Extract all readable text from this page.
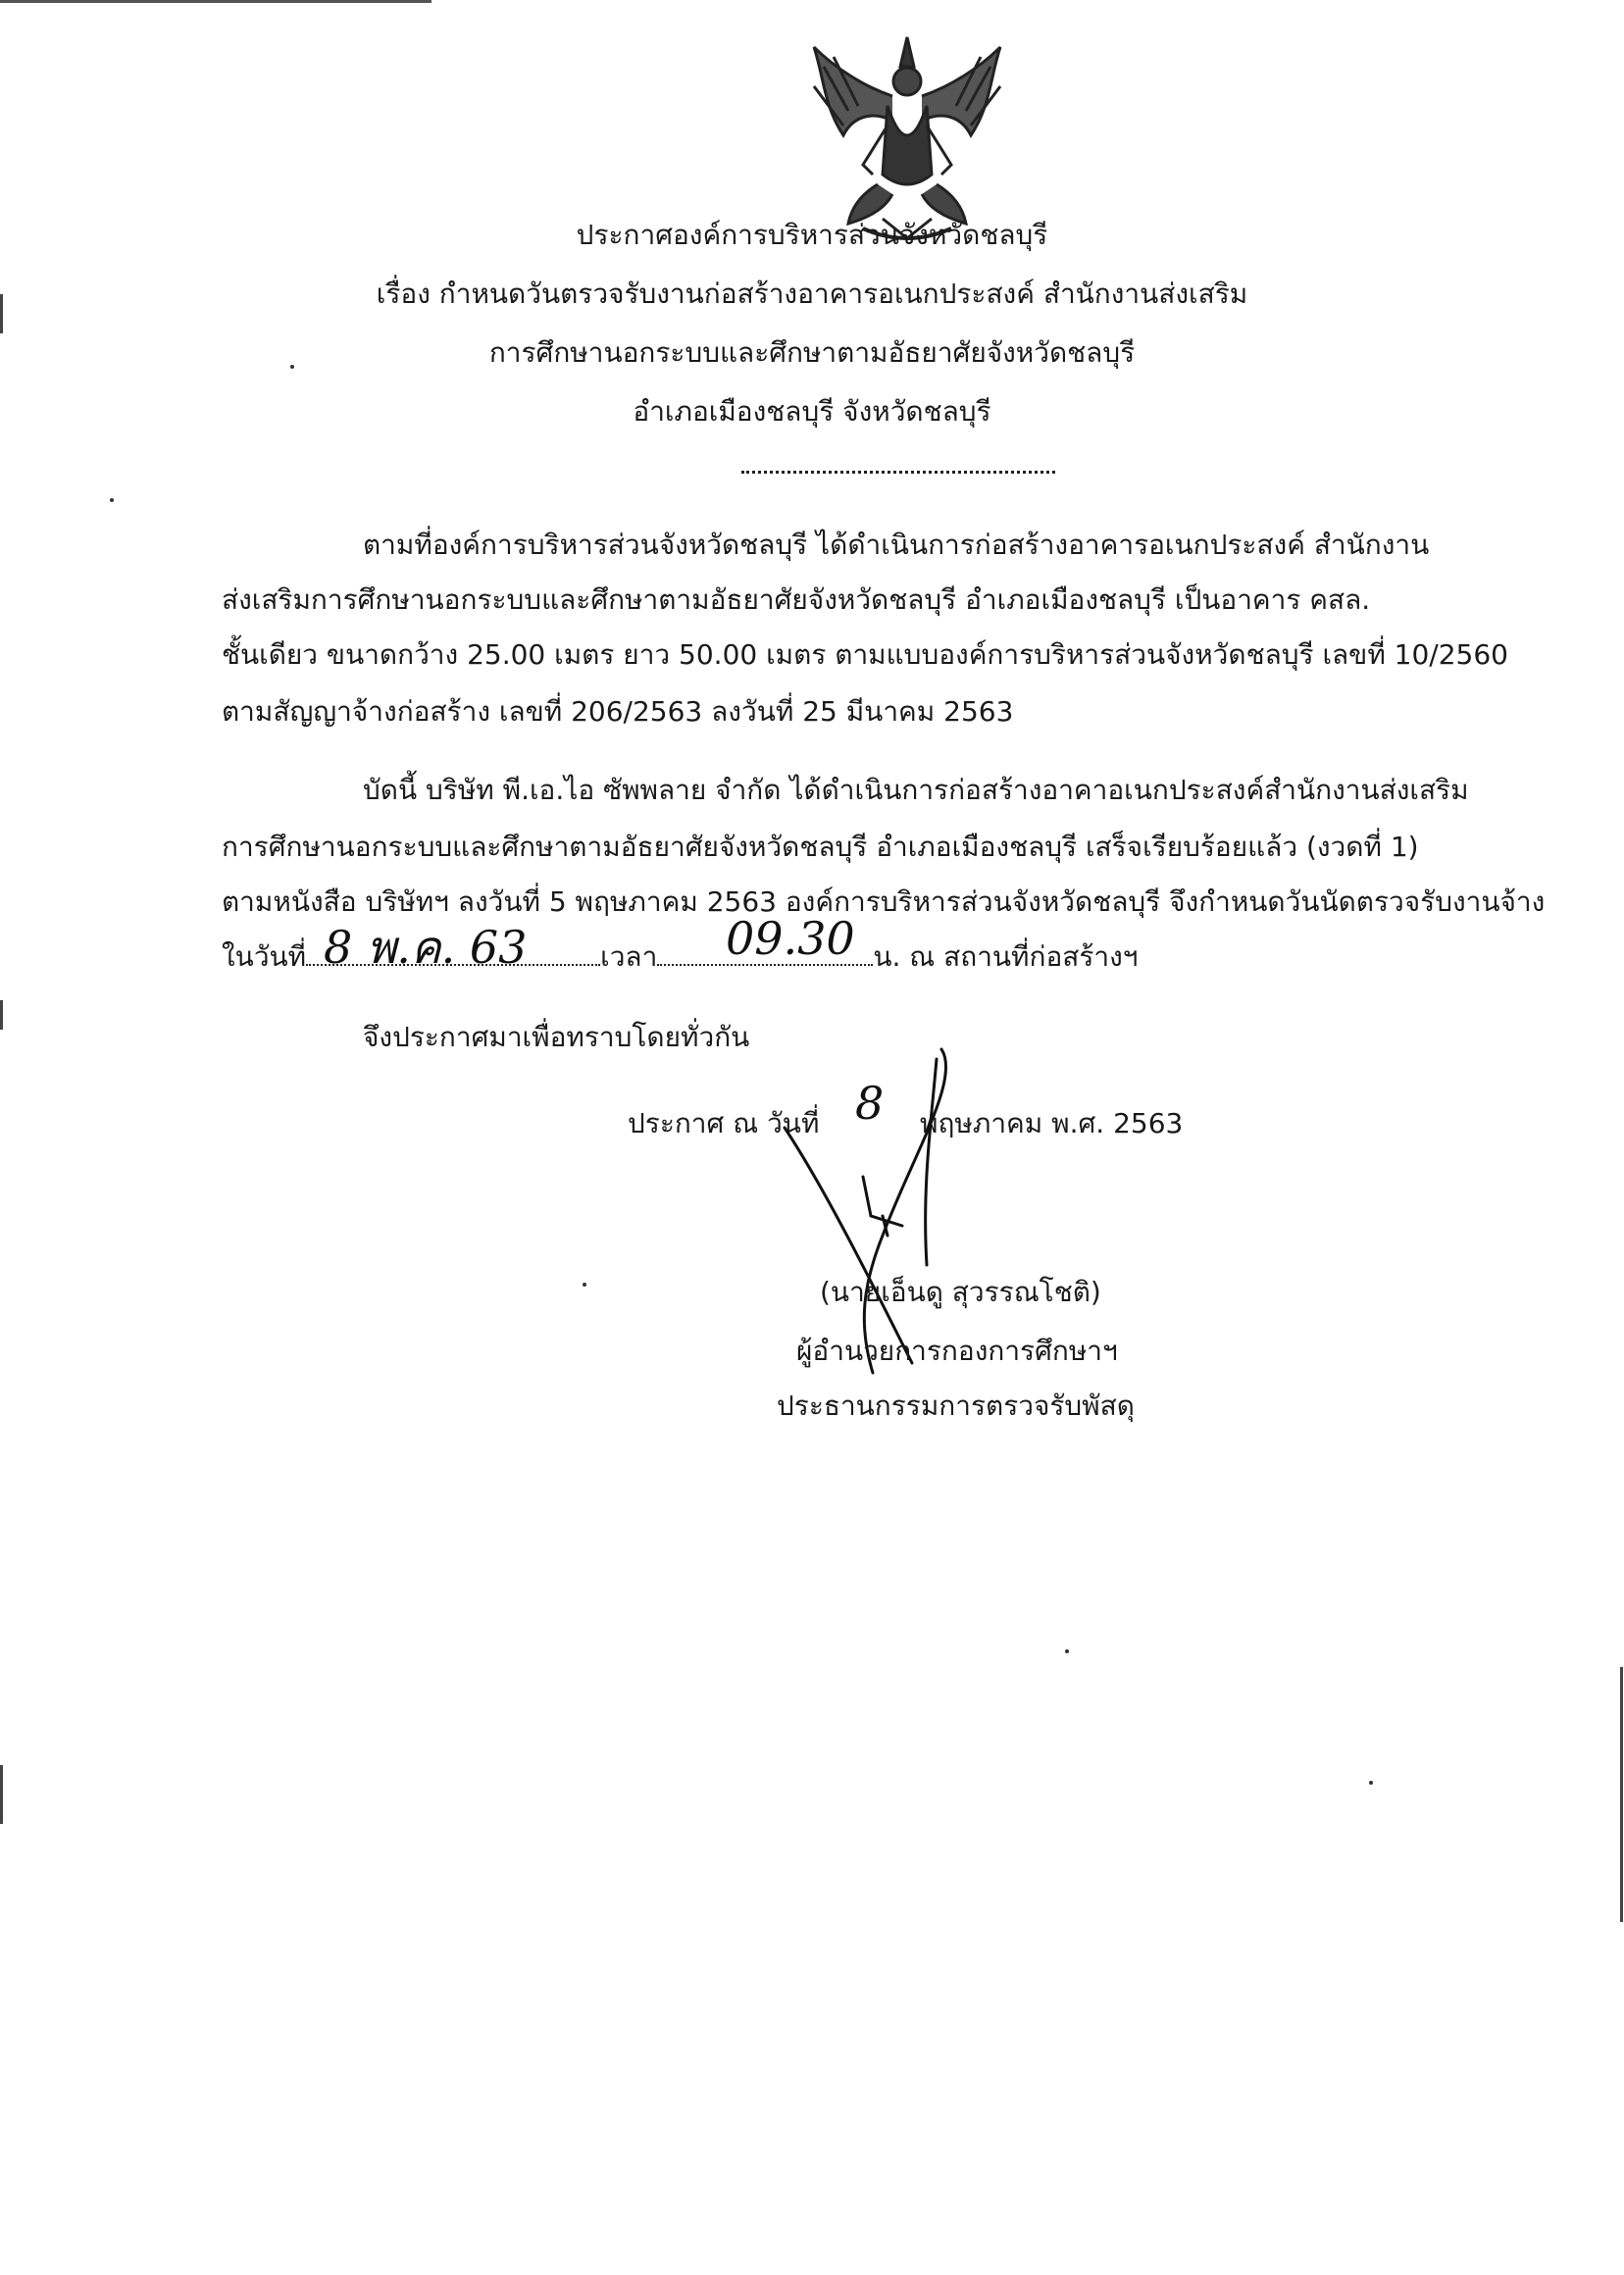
ประกาศองค์การบริหารส่วนจังหวัดชลบุรี
เรื่อง กำหนดวันตรวจรับงานก่อสร้างอาคารอเนกประสงค์ สำนักงานส่งเสริม
การศึกษานอกระบบและศึกษาตามอัธยาศัยจังหวัดชลบุรี
อำเภอเมืองชลบุรี จังหวัดชลบุรี
ตามที่องค์การบริหารส่วนจังหวัดชลบุรี ได้ดำเนินการก่อสร้างอาคารอเนกประสงค์ สำนักงาน
ส่งเสริมการศึกษานอกระบบและศึกษาตามอัธยาศัยจังหวัดชลบุรี อำเภอเมืองชลบุรี เป็นอาคาร คสล.
ชั้นเดียว ขนาดกว้าง 25.00 เมตร ยาว 50.00 เมตร ตามแบบองค์การบริหารส่วนจังหวัดชลบุรี เลขที่ 10/2560
ตามสัญญาจ้างก่อสร้าง เลขที่ 206/2563 ลงวันที่ 25 มีนาคม 2563
บัดนี้ บริษัท พี.เอ.ไอ ซัพพลาย จำกัด ได้ดำเนินการก่อสร้างอาคาอเนกประสงค์สำนักงานส่งเสริม
การศึกษานอกระบบและศึกษาตามอัธยาศัยจังหวัดชลบุรี อำเภอเมืองชลบุรี เสร็จเรียบร้อยแล้ว (งวดที่ 1)
ตามหนังสือ บริษัทฯ ลงวันที่ 5 พฤษภาคม 2563 องค์การบริหารส่วนจังหวัดชลบุรี จึงกำหนดวันนัดตรวจรับงานจ้าง
ในวันที่	เวลา	น. ณ สถานที่ก่อสร้างฯ
8 พ.ค. 63	09.30
จึงประกาศมาเพื่อทราบโดยทั่วกัน
ประกาศ ณ วันที่ 8 พฤษภาคม พ.ศ. 2563
(นายเอ็นดู สุวรรณโชติ)
ผู้อำนวยการกองการศึกษาฯ
ประธานกรรมการตรวจรับพัสดุ
